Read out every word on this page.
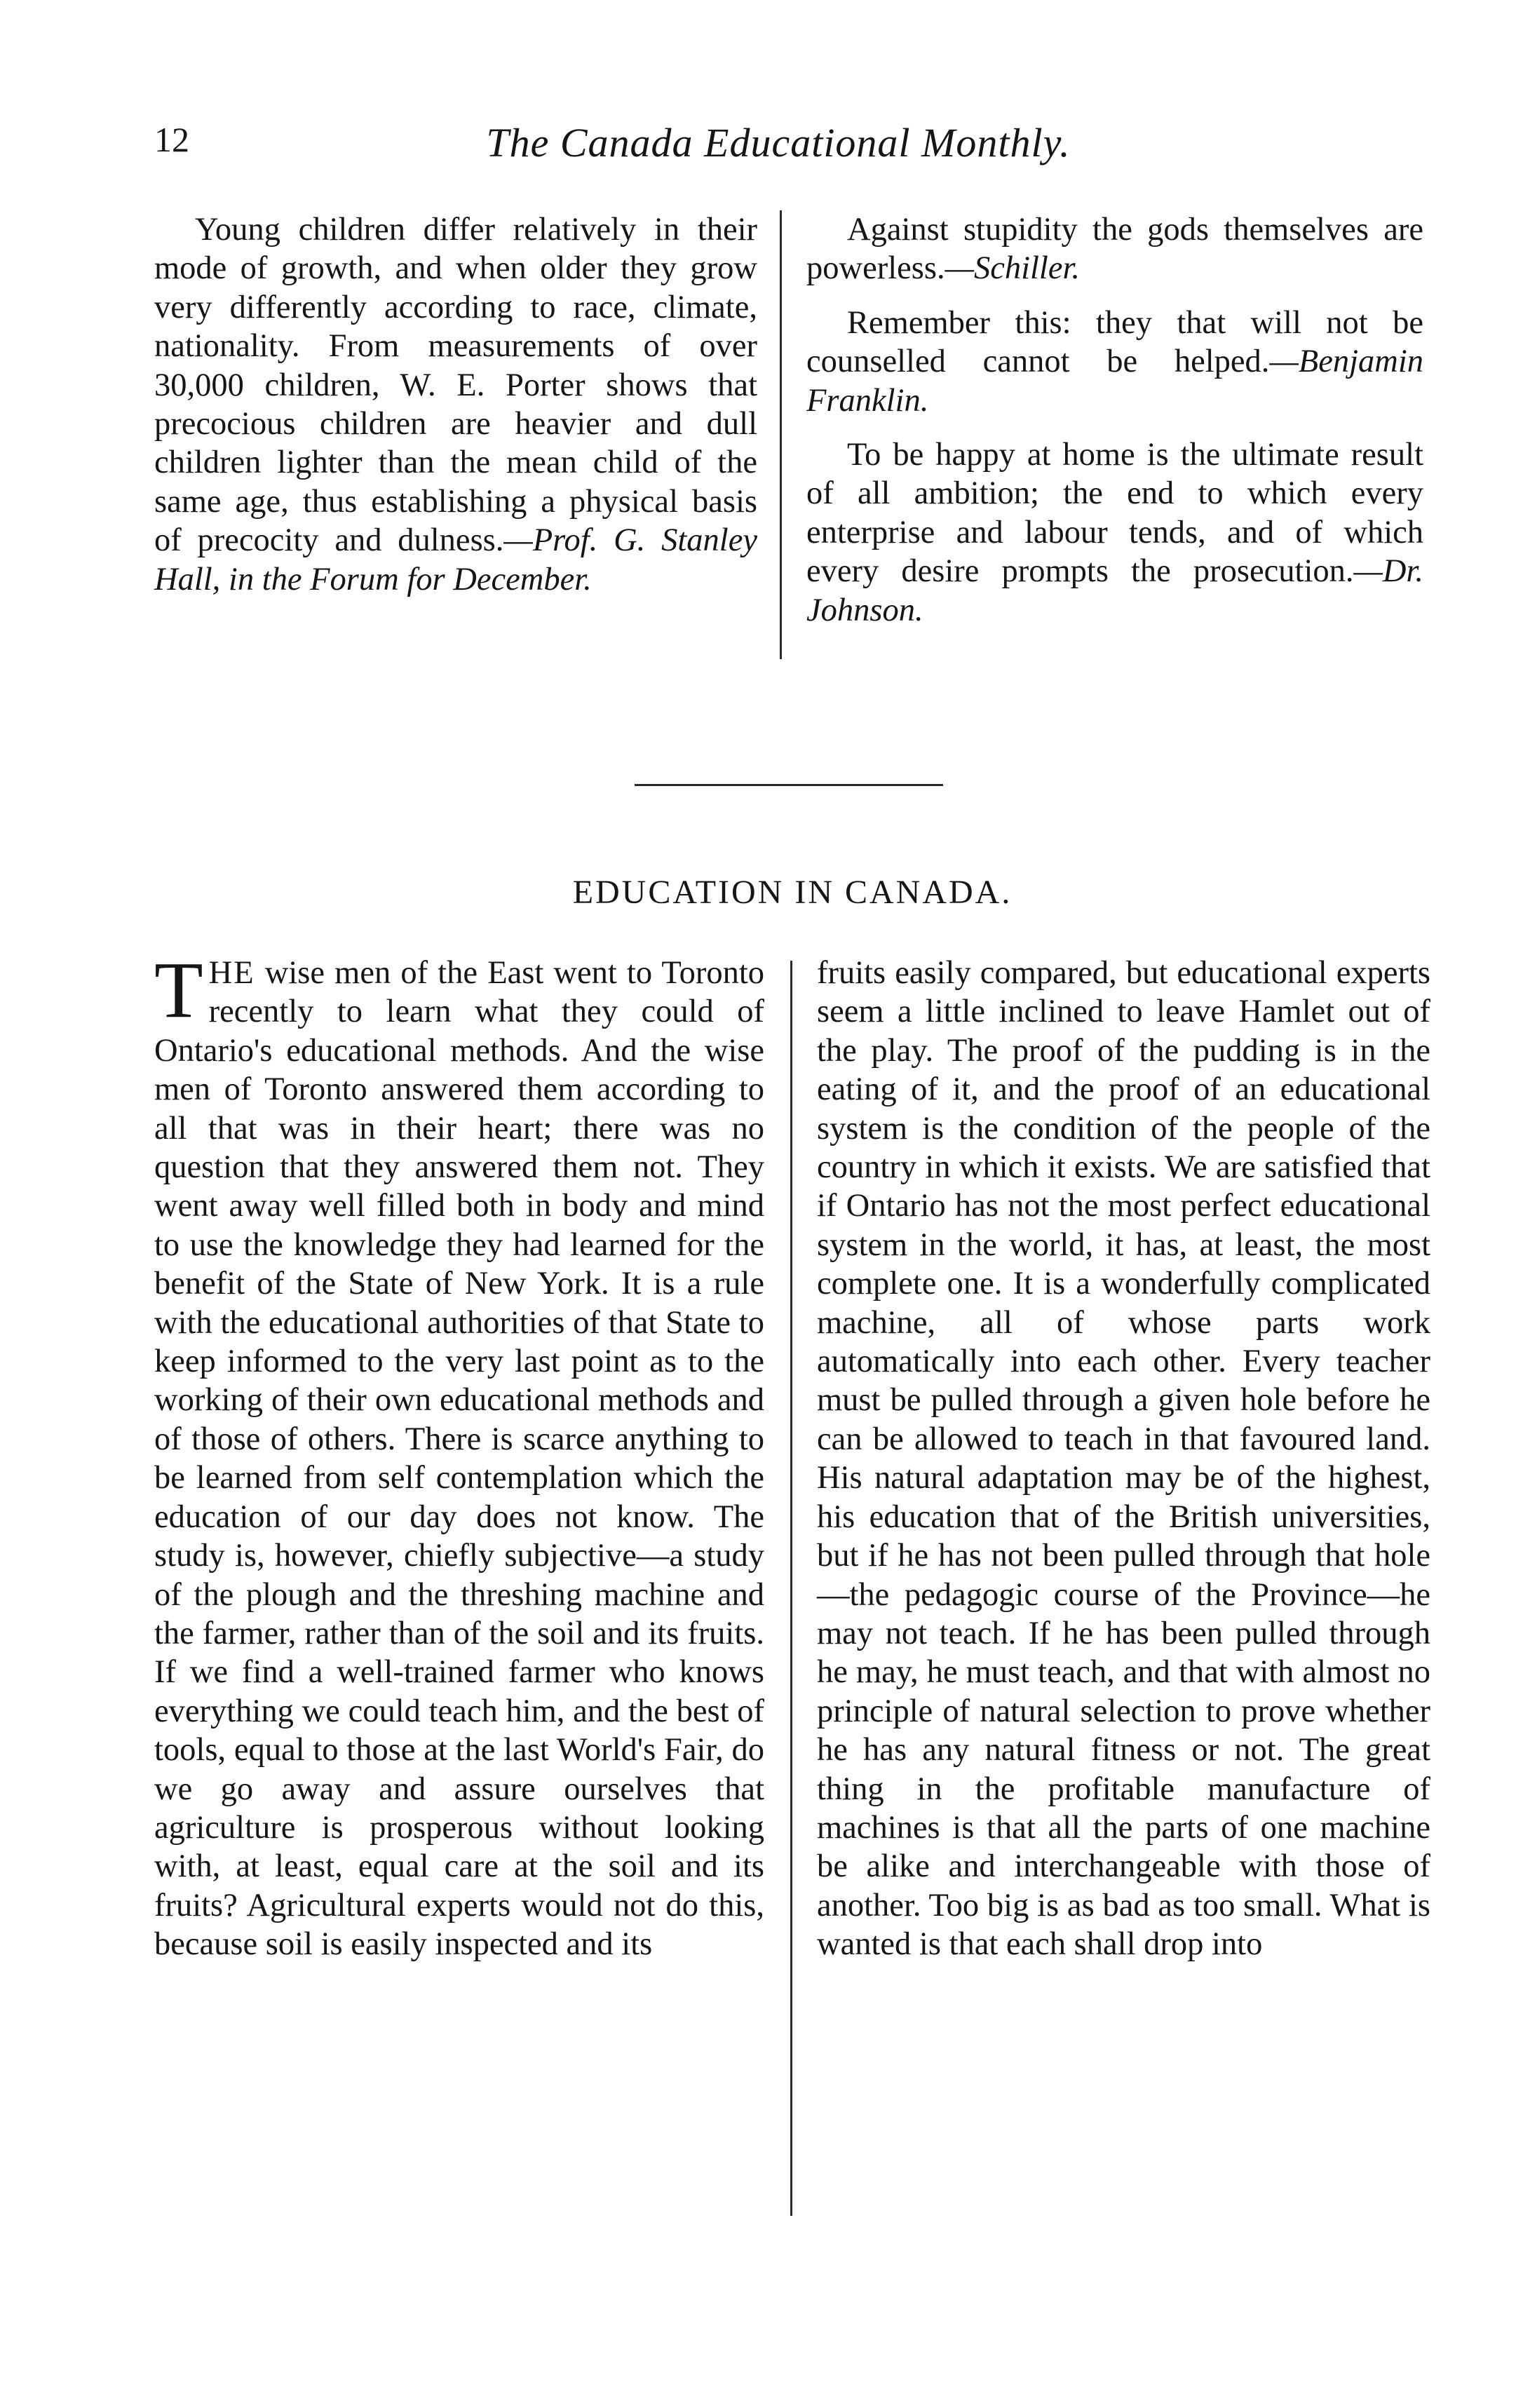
12	The Canada Educational Monthly.

Young children differ relatively in their mode of growth, and when older they grow very differently according to race, climate, nationality. From measurements of over 30,000 children, W. E. Porter shows that precocious children are heavier and dull children lighter than the mean child of the same age, thus establishing a physical basis of precocity and dulness.—Prof. G. Stanley Hall, in the Forum for December.

Against stupidity the gods themselves are powerless.—Schiller.

Remember this: they that will not be counselled cannot be helped.—Benjamin Franklin.

To be happy at home is the ultimate result of all ambition; the end to which every enterprise and labour tends, and of which every desire prompts the prosecution.—Dr. Johnson.

EDUCATION IN CANADA.

THE wise men of the East went to Toronto recently to learn what they could of Ontario's educational methods. And the wise men of Toronto answered them according to all that was in their heart; there was no question that they answered them not. They went away well filled both in body and mind to use the knowledge they had learned for the benefit of the State of New York. It is a rule with the educational authorities of that State to keep informed to the very last point as to the working of their own educational methods and of those of others. There is scarce anything to be learned from self contemplation which the education of our day does not know. The study is, however, chiefly subjective—a study of the plough and the threshing machine and the farmer, rather than of the soil and its fruits. If we find a well-trained farmer who knows everything we could teach him, and the best of tools, equal to those at the last World's Fair, do we go away and assure ourselves that agriculture is prosperous without looking with, at least, equal care at the soil and its fruits? Agricultural experts would not do this, because soil is easily inspected and its

fruits easily compared, but educational experts seem a little inclined to leave Hamlet out of the play. The proof of the pudding is in the eating of it, and the proof of an educational system is the condition of the people of the country in which it exists. We are satisfied that if Ontario has not the most perfect educational system in the world, it has, at least, the most complete one. It is a wonderfully complicated machine, all of whose parts work automatically into each other. Every teacher must be pulled through a given hole before he can be allowed to teach in that favoured land. His natural adaptation may be of the highest, his education that of the British universities, but if he has not been pulled through that hole—the pedagogic course of the Province—he may not teach. If he has been pulled through he may, he must teach, and that with almost no principle of natural selection to prove whether he has any natural fitness or not. The great thing in the profitable manufacture of machines is that all the parts of one machine be alike and interchangeable with those of another. Too big is as bad as too small. What is wanted is that each shall drop into
